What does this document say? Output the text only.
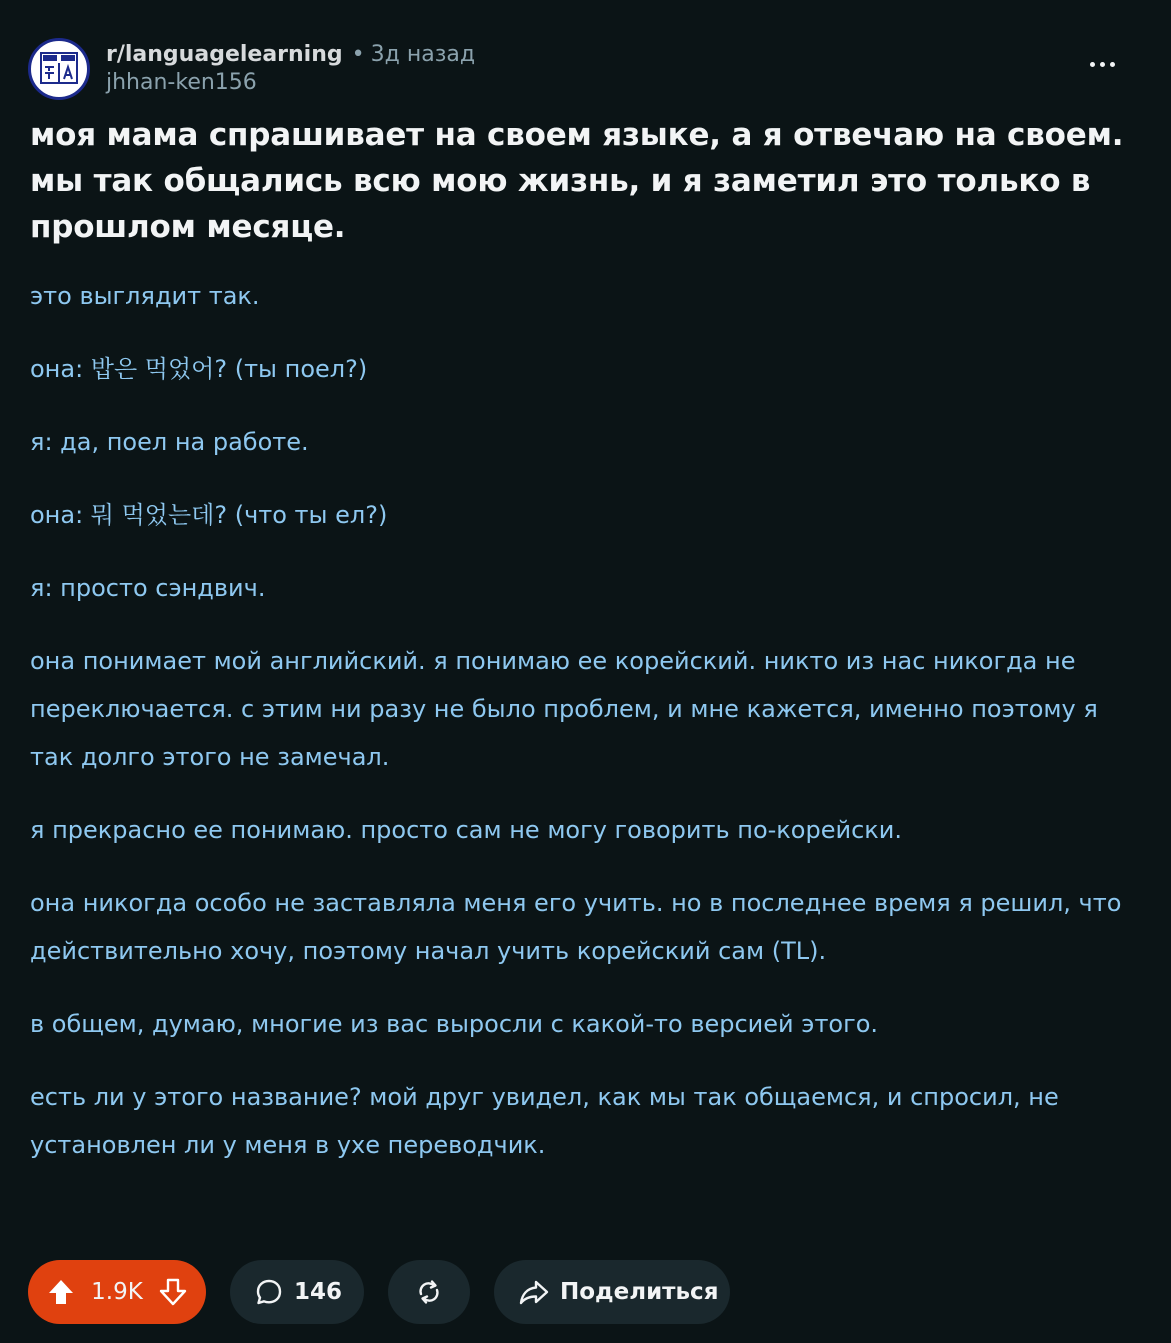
r/languagelearning • 3д назад
jhhan-ken156
моя мама спрашивает на своем языке, а я отвечаю на своем. мы так общались всю мою жизнь, и я заметил это только в прошлом месяце.

это выглядит так.

она: 밥은 먹었어? (ты поел?)

я: да, поел на работе.

она: 뭐 먹었는데? (что ты ел?)

я: просто сэндвич.

она понимает мой английский. я понимаю ее корейский. никто из нас никогда не переключается. с этим ни разу не было проблем, и мне кажется, именно поэтому я так долго этого не замечал.

я прекрасно ее понимаю. просто сам не могу говорить по-корейски.

она никогда особо не заставляла меня его учить. но в последнее время я решил, что действительно хочу, поэтому начал учить корейский сам (TL).

в общем, думаю, многие из вас выросли с какой-то версией этого.

есть ли у этого название? мой друг увидел, как мы так общаемся, и спросил, не установлен ли у меня в ухе переводчик.

1.9K	146	Поделиться
